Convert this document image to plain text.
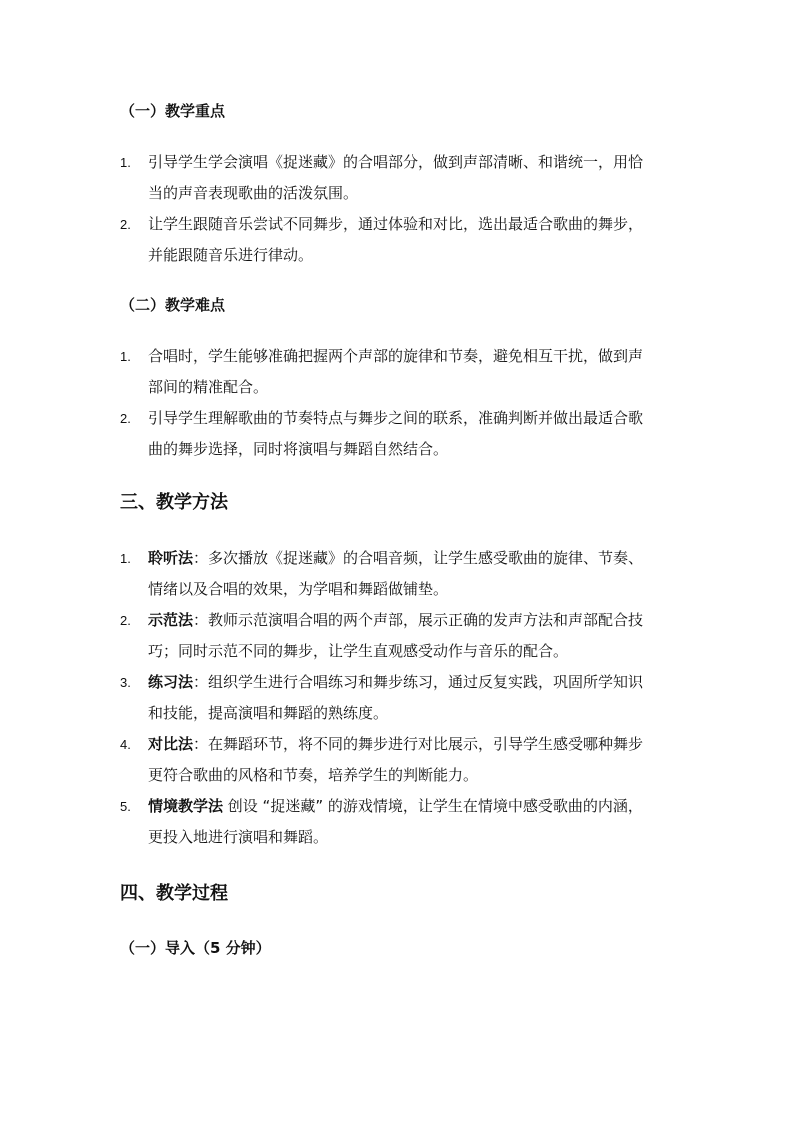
（一）教学重点
1. 引导学生学会演唱《捉迷藏》的合唱部分，做到声部清晰、和谐统一，用恰
当的声音表现歌曲的活泼氛围。
2. 让学生跟随音乐尝试不同舞步，通过体验和对比，选出最适合歌曲的舞步，
并能跟随音乐进行律动。
（二）教学难点
1. 合唱时，学生能够准确把握两个声部的旋律和节奏，避免相互干扰，做到声
部间的精准配合。
2. 引导学生理解歌曲的节奏特点与舞步之间的联系，准确判断并做出最适合歌
曲的舞步选择，同时将演唱与舞蹈自然结合。
三、教学方法
1. 聆听法：多次播放《捉迷藏》的合唱音频，让学生感受歌曲的旋律、节奏、
情绪以及合唱的效果，为学唱和舞蹈做铺垫。
2. 示范法：教师示范演唱合唱的两个声部，展示正确的发声方法和声部配合技
巧；同时示范不同的舞步，让学生直观感受动作与音乐的配合。
3. 练习法：组织学生进行合唱练习和舞步练习，通过反复实践，巩固所学知识
和技能，提高演唱和舞蹈的熟练度。
4. 对比法：在舞蹈环节，将不同的舞步进行对比展示，引导学生感受哪种舞步
更符合歌曲的风格和节奏，培养学生的判断能力。
5. 情境教学法 创设 “捉迷藏” 的游戏情境，让学生在情境中感受歌曲的内涵，
更投入地进行演唱和舞蹈。
四、教学过程
（一）导入（5 分钟）
